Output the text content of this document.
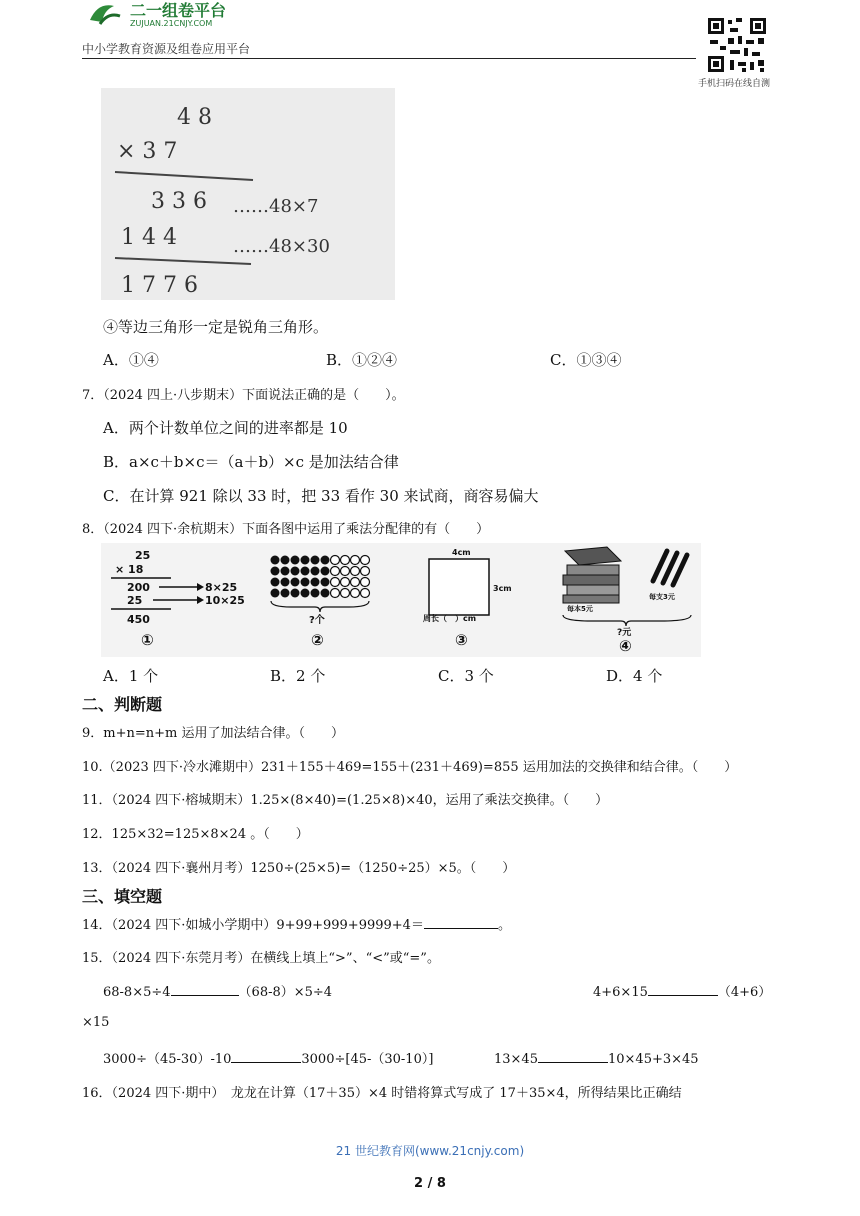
二一组卷平台
ZUJUAN.21CNJY.COM
中小学教育资源及组卷应用平台
手机扫码在线自测
4 8
× 3 7
3 3 6 ……48×7
1 4 4	……48×30
1 7 7 6
④等边三角形一定是锐角三角形。
A．①④	B．①②④	C．①③④
7．（2024 四上·八步期末）下面说法正确的是（　　）。
A．两个计数单位之间的进率都是 10
B．a×c＋b×c＝（a＋b）×c 是加法结合律
C．在计算 921 除以 33 时，把 33 看作 30 来试商，商容易偏大
8．（2024 四下·余杭期末）下面各图中运用了乘法分配律的有（　　）
25
× 18
200
25
450
8×25
10×25
①
?个
②
4cm
3cm
周长（　）cm
③
每本5元
每支3元
?元
④
A．1 个	B．2 个	C．3 个	D．4 个
二、判断题
9．m+n=n+m 运用了加法结合律。（　　）
10.（2023 四下·冷水滩期中）231＋155＋469=155＋(231＋469)=855 运用加法的交换律和结合律。（　　）
11．（2024 四下·榕城期末）1.25×(8×40)=(1.25×8)×40，运用了乘法交换律。（　　）
12．125×32=125×8×24 。（　　）
13．（2024 四下·襄州月考）1250÷(25×5)=（1250÷25）×5。（　　）
三、填空题
14．（2024 四下·如城小学期中）9+99+999+9999+4＝	。
15．（2024 四下·东莞月考）在横线上填上“>”、“<”或“=”。
68-8×5÷4	（68-8）×5÷4	4+6×15	（4+6）
×15
3000÷（45-30）-10	3000÷[45-（30-10）]	13×45	10×45+3×45
16．（2024 四下·期中）　龙龙在计算（17＋35）×4 时错将算式写成了 17＋35×4，所得结果比正确结
21 世纪教育网(www.21cnjy.com)
2 / 8
